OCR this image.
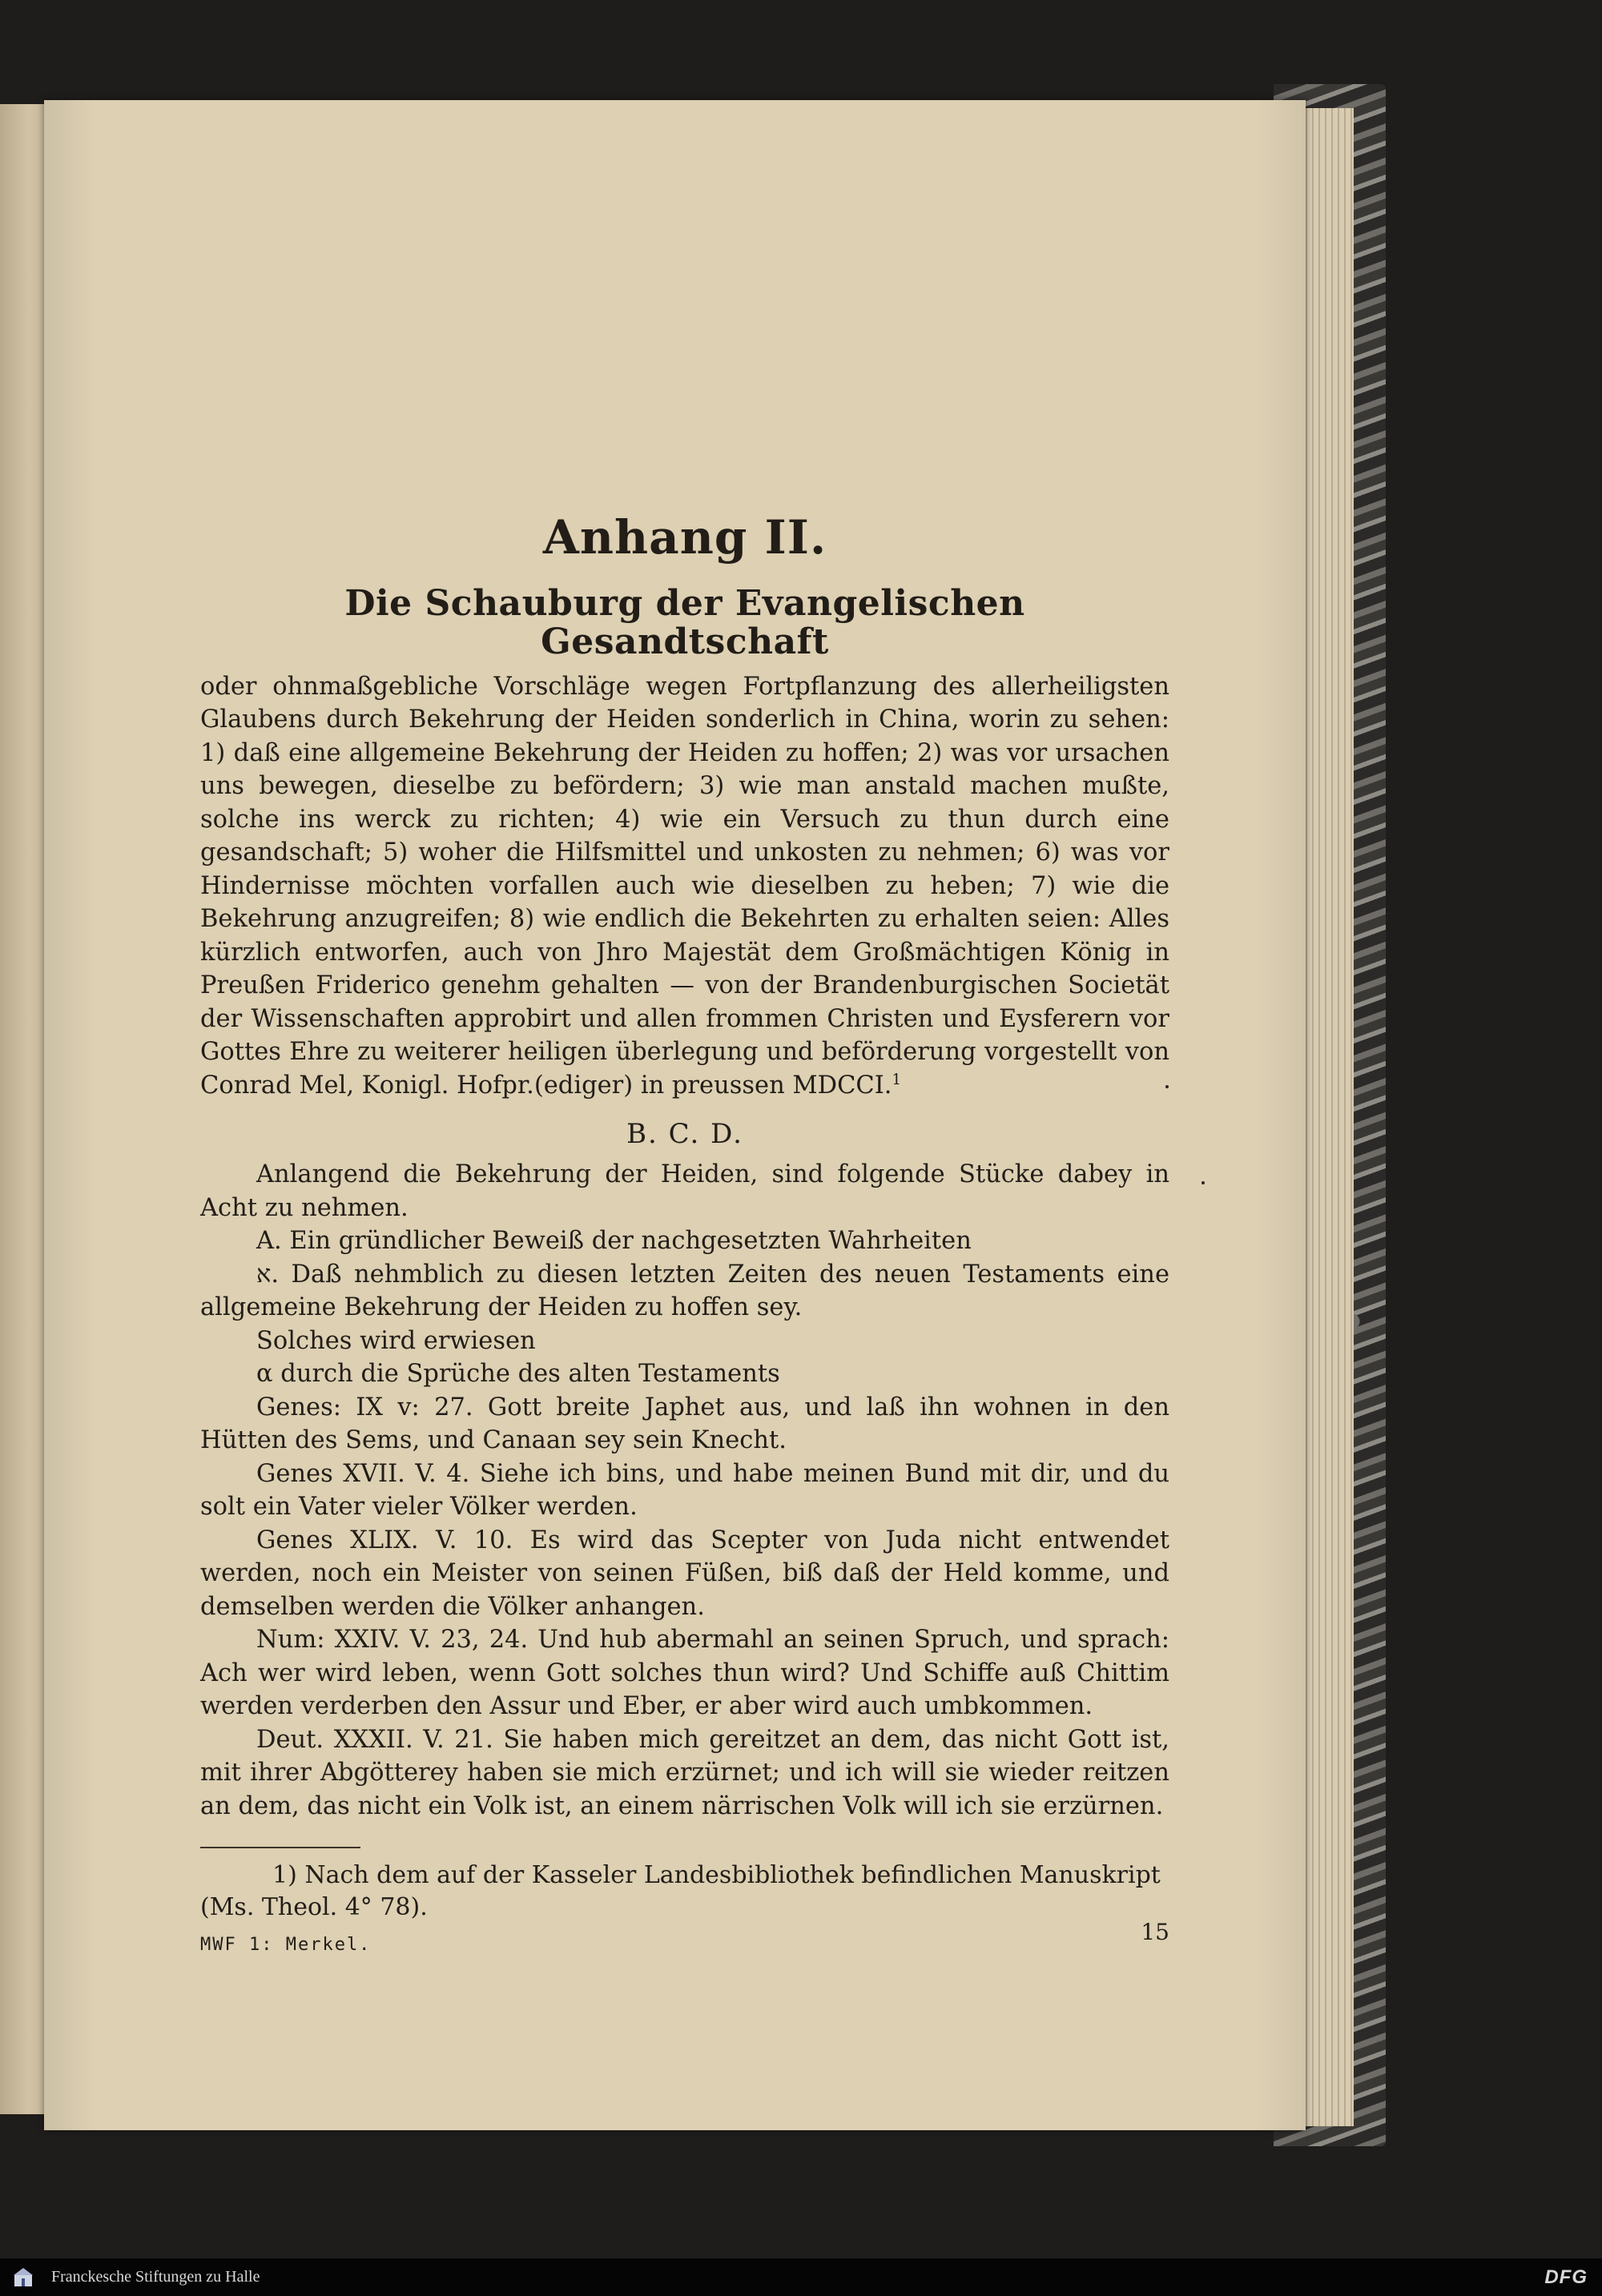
Anhang II.
Die Schauburg der Evangelischen Gesandtschaft

oder ohnmaßgebliche Vorschläge wegen Fortpflanzung des allerheiligsten Glaubens durch Bekehrung der Heiden sonderlich in China, worin zu sehen: 1) daß eine allgemeine Bekehrung der Heiden zu hoffen; 2) was vor ursachen uns bewegen, dieselbe zu befördern; 3) wie man anstald machen mußte, solche ins werck zu richten; 4) wie ein Versuch zu thun durch eine gesandschaft; 5) woher die Hilfsmittel und unkosten zu nehmen; 6) was vor Hindernisse möchten vorfallen auch wie dieselben zu heben; 7) wie die Bekehrung anzugreifen; 8) wie endlich die Bekehrten zu erhalten seien: Alles kürzlich entworfen, auch von Jhro Majestät dem Großmächtigen König in Preußen Friderico genehm gehalten — von der Brandenburgischen Societät der Wissenschaften approbirt und allen frommen Christen und Eysferern vor Gottes Ehre zu weiterer heiligen überlegung und beförderung vorgestellt von Conrad Mel, Konigl. Hofpr.(ediger) in preussen MDCCI.$^1$

B. C. D.

Anlangend die Bekehrung der Heiden, sind folgende Stücke dabey in Acht zu nehmen.

A. Ein gründlicher Beweiß der nachgesetzten Wahrheiten

א. Daß nehmblich zu diesen letzten Zeiten des neuen Testaments eine allgemeine Bekehrung der Heiden zu hoffen sey.

Solches wird erwiesen

α durch die Sprüche des alten Testaments

Genes: IX v: 27. Gott breite Japhet aus, und laß ihn wohnen in den Hütten des Sems, und Canaan sey sein Knecht.

Genes XVII. V. 4. Siehe ich bins, und habe meinen Bund mit dir, und du solt ein Vater vieler Völker werden.

Genes XLIX. V. 10. Es wird das Scepter von Juda nicht entwendet werden, noch ein Meister von seinen Füßen, biß daß der Held komme, und demselben werden die Völker anhangen.

Num: XXIV. V. 23, 24. Und hub abermahl an seinen Spruch, und sprach: Ach wer wird leben, wenn Gott solches thun wird? Und Schiffe auß Chittim werden verderben den Assur und Eber, er aber wird auch umbkommen.

Deut. XXXII. V. 21. Sie haben mich gereitzet an dem, das nicht Gott ist, mit ihrer Abgötterey haben sie mich erzürnet; und ich will sie wieder reitzen an dem, das nicht ein Volk ist, an einem närrischen Volk will ich sie erzürnen.

1) Nach dem auf der Kasseler Landesbibliothek befindlichen Manuskript (Ms. Theol. 4° 78).

MWF 1: Merkel.	15
Franckesche Stiftungen zu Halle	DFG
